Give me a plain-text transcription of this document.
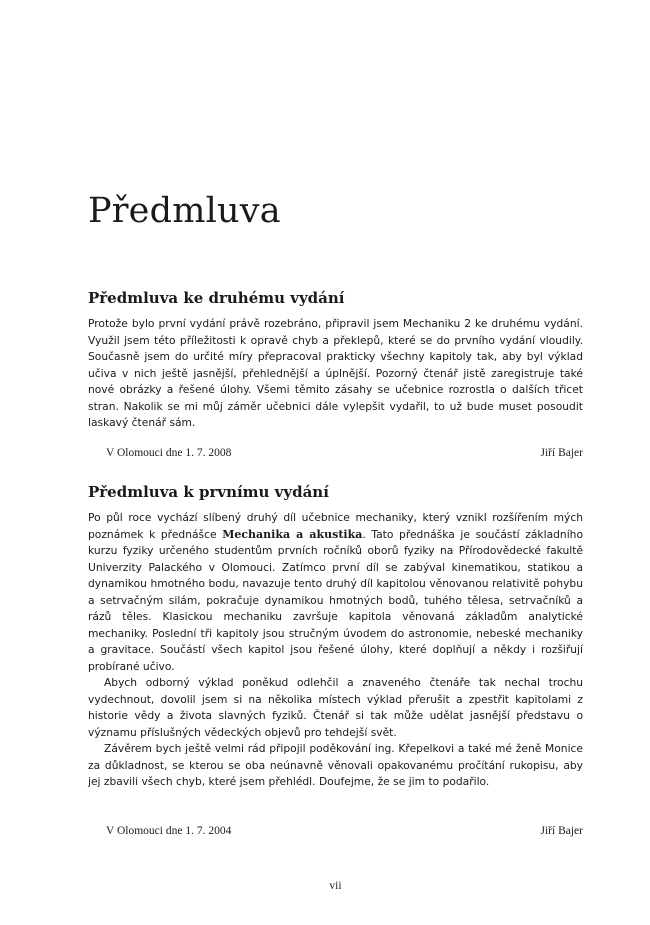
Předmluva
Předmluva ke druhému vydání

Protože bylo první vydání právě rozebráno, připravil jsem Mechaniku 2 ke druhému vydání. Využil jsem této příležitosti k opravě chyb a překlepů, které se do prvního vydání vloudily. Současně jsem do určité míry přepracoval prakticky všechny kapitoly tak, aby byl výklad učiva v nich ještě jasnější, přehlednější a úplnější. Pozorný čtenář jistě zaregistruje také nové obrázky a řešené úlohy. Všemi těmito zásahy se učebnice rozrostla o dalších třicet stran. Nakolik se mi můj záměr učebnici dále vylepšit vydařil, to už bude muset posoudit laskavý čtenář sám.

V Olomouci dne 1. 7. 2008	Jiří Bajer
Předmluva k prvnímu vydání

Po půl roce vychází slíbený druhý díl učebnice mechaniky, který vznikl rozšířením mých poznámek k přednášce Mechanika a akustika. Tato přednáška je součástí základního kurzu fyziky určeného studentům prvních ročníků oborů fyziky na Přírodovědecké fakultě Univerzity Palackého v Olomouci. Zatímco první díl se zabýval kinematikou, statikou a dynamikou hmotného bodu, navazuje tento druhý díl kapitolou věnovanou relativitě pohybu a setrvačným silám, pokračuje dynamikou hmotných bodů, tuhého tělesa, setrvačníků a rázů těles. Klasickou mechaniku završuje kapitola věnovaná základům analytické mechaniky. Poslední tři kapitoly jsou stručným úvodem do astronomie, nebeské mechaniky a gravitace. Součástí všech kapitol jsou řešené úlohy, které doplňují a někdy i rozšiřují probírané učivo.

Abych odborný výklad poněkud odlehčil a znaveného čtenáře tak nechal trochu vydechnout, dovolil jsem si na několika místech výklad přerušit a zpestřit kapitolami z historie vědy a života slavných fyziků. Čtenář si tak může udělat jasnější představu o významu příslušných vědeckých objevů pro tehdejší svět.

Závěrem bych ještě velmi rád připojil poděkování ing. Křepelkovi a také mé ženě Monice za důkladnost, se kterou se oba neúnavně věnovali opakovanému pročítání rukopisu, aby jej zbavili všech chyb, které jsem přehlédl. Doufejme, že se jim to podařilo.

V Olomouci dne 1. 7. 2004	Jiří Bajer
vii
